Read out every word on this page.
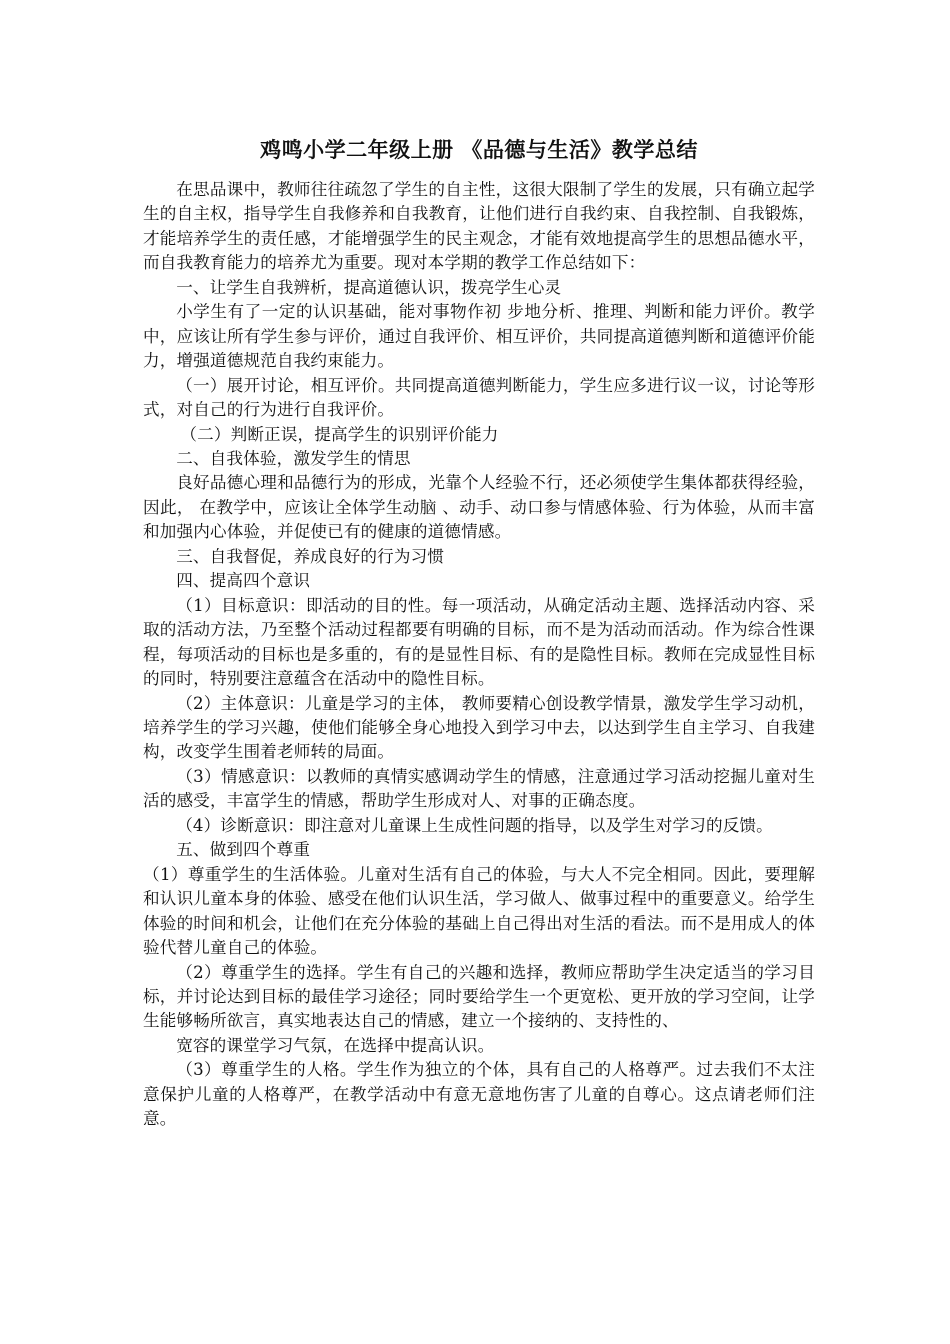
鸡鸣小学二年级上册 《品德与生活》教学总结

在思品课中，教师往往疏忽了学生的自主性，这很大限制了学生的发展，只有确立起学生的自主权，指导学生自我修养和自我教育，让他们进行自我约束、自我控制、自我锻炼，才能培养学生的责任感，才能增强学生的民主观念，才能有效地提高学生的思想品德水平，而自我教育能力的培养尤为重要。现对本学期的教学工作总结如下：

一、让学生自我辨析，提高道德认识，拨亮学生心灵

小学生有了一定的认识基础，能对事物作初 步地分析、推理、判断和能力评价。教学中，应该让所有学生参与评价，通过自我评价、相互评价，共同提高道德判断和道德评价能力，增强道德规范自我约束能力。

（一）展开讨论，相互评价。共同提高道德判断能力，学生应多进行议一议，讨论等形式，对自己的行为进行自我评价。

（二）判断正误，提高学生的识别评价能力

二、自我体验，激发学生的情思

良好品德心理和品德行为的形成，光靠个人经验不行，还必须使学生集体都获得经验，因此， 在教学中，应该让全体学生动脑 、动手、动口参与情感体验、行为体验，从而丰富和加强内心体验，并促使已有的健康的道德情感。

三、自我督促，养成良好的行为习惯

四、提高四个意识

（1）目标意识：即活动的目的性。每一项活动，从确定活动主题、选择活动内容、采取的活动方法，乃至整个活动过程都要有明确的目标，而不是为活动而活动。作为综合性课程，每项活动的目标也是多重的，有的是显性目标、有的是隐性目标。教师在完成显性目标的同时，特别要注意蕴含在活动中的隐性目标。

（2）主体意识：儿童是学习的主体， 教师要精心创设教学情景，激发学生学习动机，培养学生的学习兴趣，使他们能够全身心地投入到学习中去，以达到学生自主学习、自我建构，改变学生围着老师转的局面。

（3）情感意识：以教师的真情实感调动学生的情感，注意通过学习活动挖掘儿童对生活的感受，丰富学生的情感，帮助学生形成对人、对事的正确态度。

（4）诊断意识：即注意对儿童课上生成性问题的指导，以及学生对学习的反馈。

五、做到四个尊重

（1）尊重学生的生活体验。儿童对生活有自己的体验，与大人不完全相同。因此，要理解和认识儿童本身的体验、感受在他们认识生活，学习做人、做事过程中的重要意义。给学生体验的时间和机会，让他们在充分体验的基础上自己得出对生活的看法。而不是用成人的体验代替儿童自己的体验。

（2）尊重学生的选择。学生有自己的兴趣和选择，教师应帮助学生决定适当的学习目标，并讨论达到目标的最佳学习途径；同时要给学生一个更宽松、更开放的学习空间，让学生能够畅所欲言，真实地表达自己的情感，建立一个接纳的、支持性的、

宽容的课堂学习气氛，在选择中提高认识。

（3）尊重学生的人格。学生作为独立的个体，具有自己的人格尊严。过去我们不太注意保护儿童的人格尊严，在教学活动中有意无意地伤害了儿童的自尊心。这点请老师们注意。
